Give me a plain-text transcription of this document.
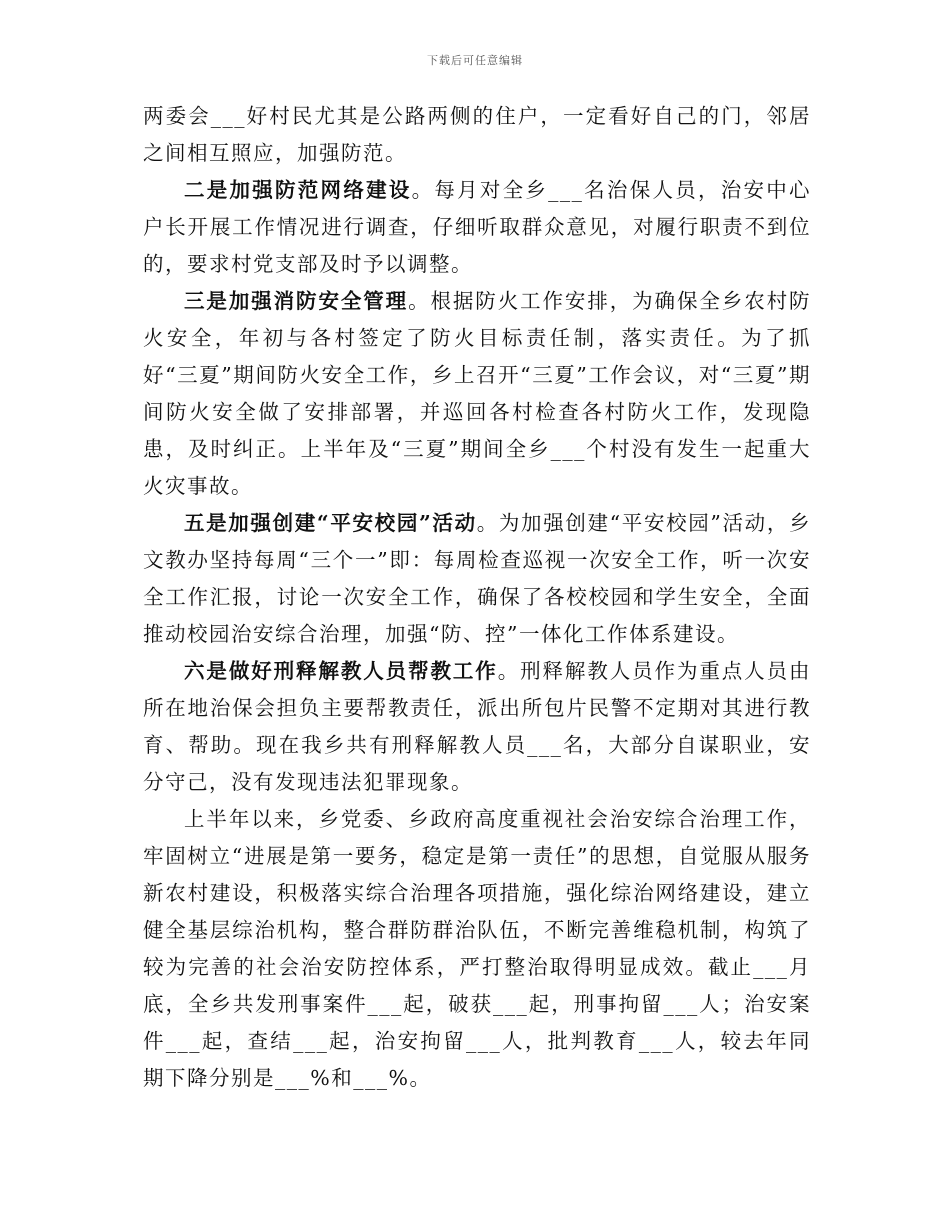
下载后可任意编辑

两委会___好村民尤其是公路两侧的住户，一定看好自己的门，邻居之间相互照应，加强防范。

二是加强防范网络建设。每月对全乡___名治保人员，治安中心户长开展工作情况进行调查，仔细听取群众意见，对履行职责不到位的，要求村党支部及时予以调整。

三是加强消防安全管理。根据防火工作安排，为确保全乡农村防火安全，年初与各村签定了防火目标责任制，落实责任。为了抓好“三夏”期间防火安全工作，乡上召开“三夏”工作会议，对“三夏”期间防火安全做了安排部署，并巡回各村检查各村防火工作，发现隐患，及时纠正。上半年及“三夏”期间全乡___个村没有发生一起重大火灾事故。

五是加强创建“平安校园”活动。为加强创建“平安校园”活动，乡文教办坚持每周“三个一”即：每周检查巡视一次安全工作，听一次安全工作汇报，讨论一次安全工作，确保了各校校园和学生安全，全面推动校园治安综合治理，加强“防、控”一体化工作体系建设。

六是做好刑释解教人员帮教工作。刑释解教人员作为重点人员由所在地治保会担负主要帮教责任，派出所包片民警不定期对其进行教育、帮助。现在我乡共有刑释解教人员___名，大部分自谋职业，安分守己，没有发现违法犯罪现象。

上半年以来，乡党委、乡政府高度重视社会治安综合治理工作，牢固树立“进展是第一要务，稳定是第一责任”的思想，自觉服从服务新农村建设，积极落实综合治理各项措施，强化综治网络建设，建立健全基层综治机构，整合群防群治队伍，不断完善维稳机制，构筑了较为完善的社会治安防控体系，严打整治取得明显成效。截止___月底，全乡共发刑事案件___起，破获___起，刑事拘留___人；治安案件___起，查结___起，治安拘留___人，批判教育___人，较去年同期下降分别是___%和___%。
